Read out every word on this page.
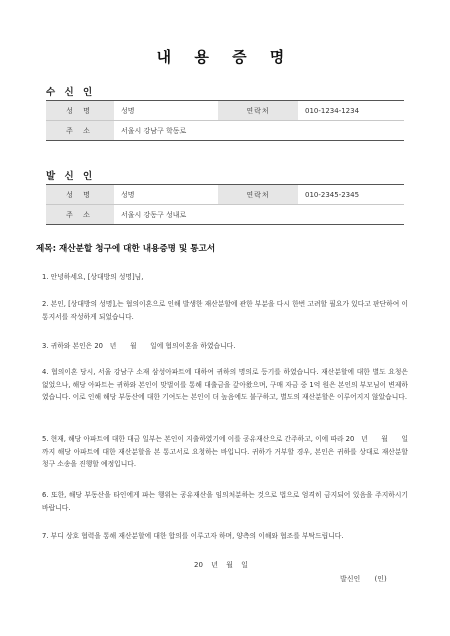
내 용 증 명
수 신 인
성 명	성명	연락처	010-1234-1234
주 소	서울시 강남구 학동로		
발 신 인
성 명	성명	연락처	010-2345-2345
주 소	서울시 강동구 성내로		
제목: 재산분할 청구에 대한 내용증명 및 통고서
1. 안녕하세요, [상대방의 성명]님,
2. 본인, [상대방의 성명],는 협의이혼으로 인해 발생한 재산분할에 관한 부분을 다시 한번 고려할 필요가 있다고 판단하여 이 통지서를 작성하게 되었습니다.
3. 귀하와 본인은 20　년　　월　　일에 협의이혼을 하였습니다.
4. 협의이혼 당시, 서울 강남구 소재 삼성아파트에 대하여 귀하의 명의로 등기를 하였습니다. 재산분할에 대한 별도 요청은 없었으나, 해당 아파트는 귀하와 본인이 맞벌이를 통해 대출금을 갚아왔으며, 구매 자금 중 1억 원은 본인의 부모님이 변제하였습니다. 이로 인해 해당 부동산에 대한 기여도는 본인이 더 높음에도 불구하고, 별도의 재산분할은 이루어지지 않았습니다.
5. 현재, 해당 아파트에 대한 대금 일부는 본인이 지출하였기에 이를 공유재산으로 간주하고, 이에 따라 20　년　　월　　일까지 해당 아파트에 대한 재산분할을 본 통고서로 요청하는 바입니다. 귀하가 거부할 경우, 본인은 귀하를 상대로 재산분할 청구 소송을 진행할 예정입니다.
6. 또한, 해당 부동산을 타인에게 파는 행위는 공유재산을 임의처분하는 것으로 법으로 엄격히 금지되어 있음을 주지하시기 바랍니다.
7. 부디 상호 협력을 통해 재산분할에 대한 합의를 이루고자 하며, 양측의 이해와 협조를 부탁드립니다.
20 년 월 일
발신인 (인)
